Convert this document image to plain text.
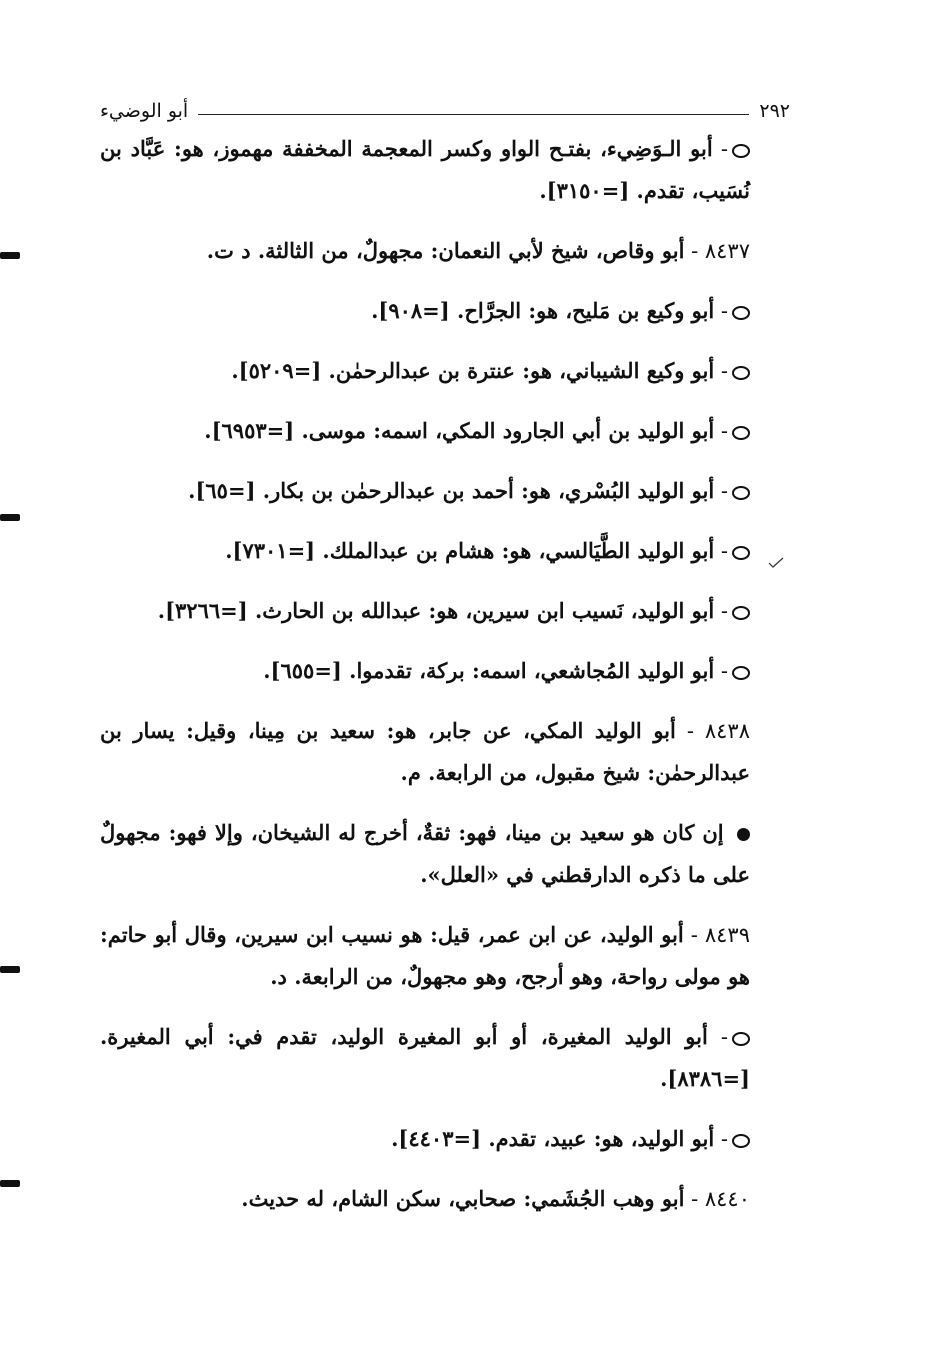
٢٩٢
أبو الوضيء

- أبو الـوَضِيء، بفتـح الواو وكسر المعجمة المخففة مهموز، هو: عَبَّاد بن نُسَيب، تقدم. [=٣١٥٠].

٨٤٣٧ - أبو وقاص، شيخ لأبي النعمان: مجهولٌ، من الثالثة. د ت.

- أبو وكيع بن مَليح، هو: الجرَّاح. [=٩٠٨].

- أبو وكيع الشيباني، هو: عنترة بن عبدالرحمٰن. [=٥٢٠٩].

- أبو الوليد بن أبي الجارود المكي، اسمه: موسى. [=٦٩٥٣].

- أبو الوليد البُسْري، هو: أحمد بن عبدالرحمٰن بن بكار. [=٦٥].

- أبو الوليد الطَّيَالسي، هو: هشام بن عبدالملك. [=٧٣٠١].

- أبو الوليد، نَسيب ابن سيرين، هو: عبدالله بن الحارث. [=٣٢٦٦].

- أبو الوليد المُجاشعي، اسمه: بركة، تقدموا. [=٦٥٥].

٨٤٣٨ - أبو الوليد المكي، عن جابر، هو: سعيد بن مِينا، وقيل: يسار بن عبدالرحمٰن: شيخ مقبول، من الرابعة. م.

إن كان هو سعيد بن مينا، فهو: ثقةٌ، أخرج له الشيخان، وإلا فهو: مجهولٌ على ما ذكره الدارقطني في «العلل».

٨٤٣٩ - أبو الوليد، عن ابن عمر، قيل: هو نسيب ابن سيرين، وقال أبو حاتم: هو مولى رواحة، وهو أرجح، وهو مجهولٌ، من الرابعة. د.

- أبو الوليد المغيرة، أو أبو المغيرة الوليد، تقدم في: أبي المغيرة. [=٨٣٨٦].

- أبو الوليد، هو: عبيد، تقدم. [=٤٤٠٣].

٨٤٤٠ - أبو وهب الجُشَمي: صحابي، سكن الشام، له حديث.
